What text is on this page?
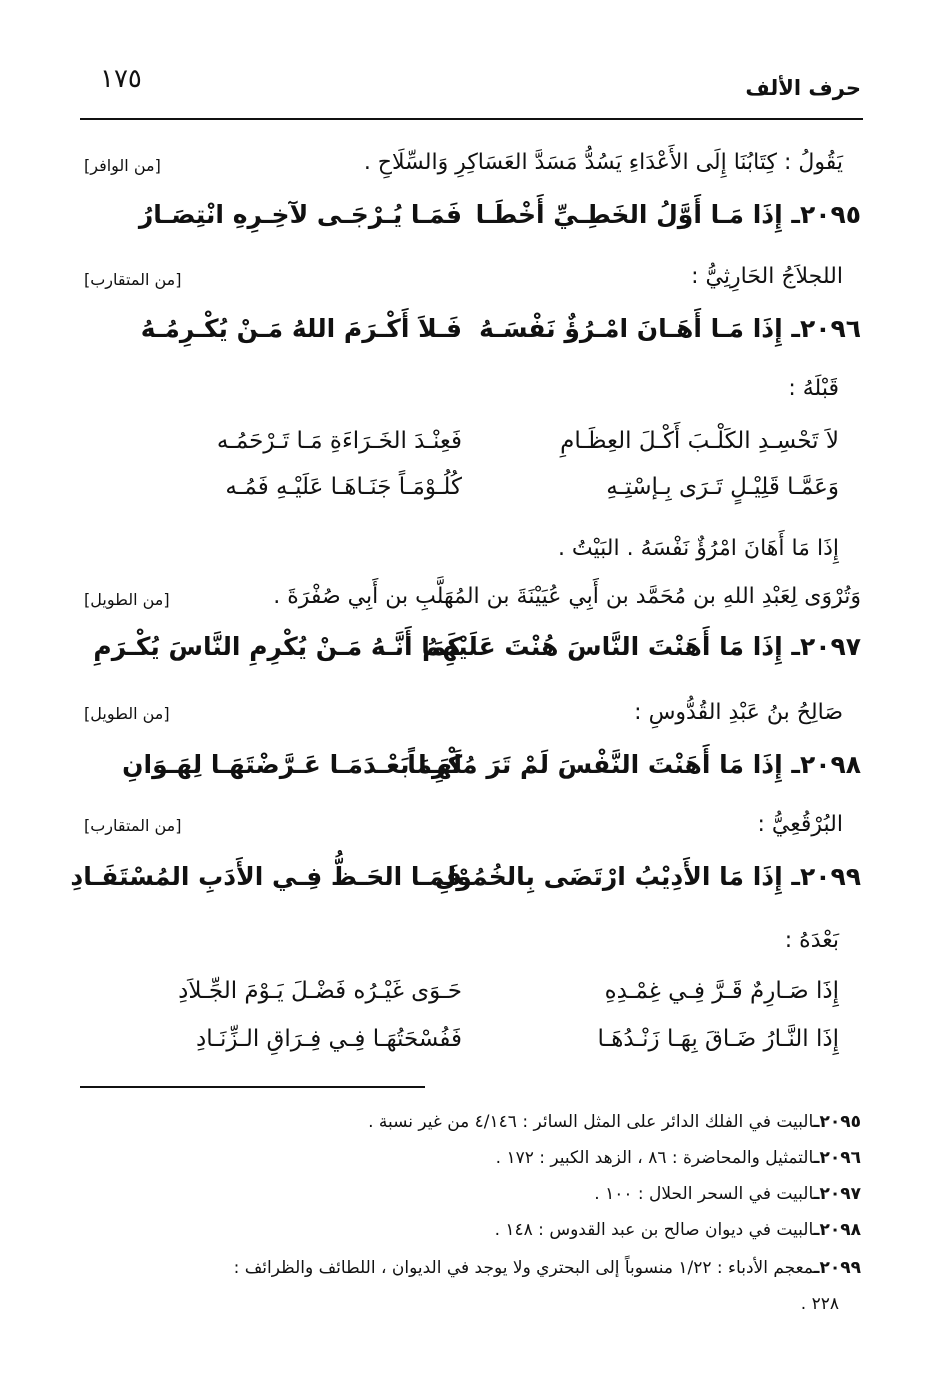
حرف الألف
١٧٥
يَقُولُ : كِتَابُنَا إِلَى الأَعْدَاءِ يَسُدُّ مَسَدَّ العَسَاكِرِ وَالسِّلَاحِ .
[من الوافر]
٢٠٩٥ـ إِذَا مَـا أَوَّلُ الخَطِـيِّ أَخْطَـا
فَمَـا يُـرْجَـى لآخِـرِهِ انْتِصَـارُ
اللجلاَجُ الحَارِثِيُّ :
[من المتقارب]
٢٠٩٦ـ إِذَا مَـا أَهَـانَ امْـرُؤٌ نَفْسَـهُ
فَـلاَ أَكْـرَمَ اللهُ مَـنْ يُكْـرِمُـهُ
قَبْلَهُ :
لاَ تَحْسِـدِ الكَلْـبَ أَكْـلَ العِظَـامِ
فَعِنْـدَ الخَـرَاءَةِ مَـا تَـرْحَمُـه
وَعَمَّـا قَلِيْـلٍ تَـرَى بِـإسْتِـهِ
كُلُـوْمَـاً جَنَـاهَـا عَلَيْـهِ فَمُـه
إِذَا مَا أَهَانَ امْرُؤٌ نَفْسَهُ . البَيْتُ .
وَتُرْوَى لِعَبْدِ اللهِ بن مُحَمَّد بن أَبِي عُيَيْنَةَ بن المُهَلَّبِ بن أَبِي صُفْرَةَ .
[من الطويل]
٢٠٩٧ـ إِذَا مَا أَهَنْتَ النَّاسَ هُنْتَ عَلَيْهِمُ
كَمَا أَنَّـهُ مَـنْ يُكْرِمِ النَّاسَ يُكْـرَمِ
صَالِحُ بنُ عَبْدِ القُدُّوسِ :
[من الطويل]
٢٠٩٨ـ إِذَا مَا أَهَنْتَ النَّفْسَ لَمْ تَرَ مُكْرِمَاً
لَهَـا بَعْـدَمَـا عَـرَّضْتَهَـا لِهَـوَانِ
البُرْقُعِيُّ :
[من المتقارب]
٢٠٩٩ـ إِذَا مَا الأَدِيْبُ ارْتَضَى بِالخُمُوْلِ
فَمَـا الحَـظُّ فِـي الأَدَبِ المُسْتَفَـادِ
بَعْدَهُ :
إِذَا صَـارِمٌ قَـرَّ فِـي غِمْـدِهِ
حَـوَى غَيْـرُه فَضْـلَ يَـوْمَ الجِّـلاَدِ
إِذَا النَّـارُ ضَـاقَ بِهَـا زَنْـدُهَـا
فَفُسْحَتُهَـا فِـي فِـرَاقِ الـزِّنَـادِ
٢٠٩٥ـالبيت في الفلك الدائر على المثل السائر : ٤/١٤٦ من غير نسبة .
٢٠٩٦ـالتمثيل والمحاضرة : ٨٦ ، الزهد الكبير : ١٧٢ .
٢٠٩٧ـالبيت في السحر الحلال : ١٠٠ .
٢٠٩٨ـالبيت في ديوان صالح بن عبد القدوس : ١٤٨ .
٢٠٩٩ـمعجم الأدباء : ١/٢٢ منسوباً إلى البحتري ولا يوجد في الديوان ، اللطائف والظرائف :
٢٢٨ .
